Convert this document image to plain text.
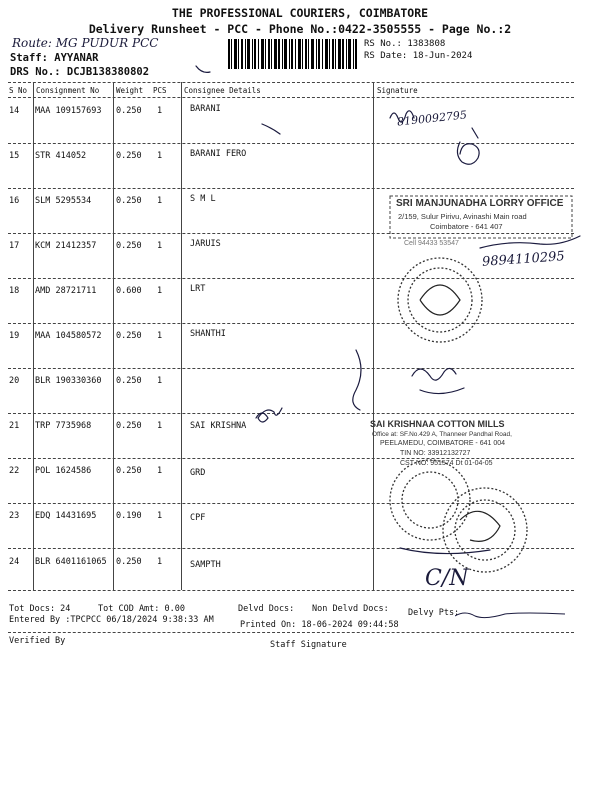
THE PROFESSIONAL COURIERS, COIMBATORE
Delivery Runsheet - PCC - Phone No.:0422-3505555 - Page No.:2
Route: MG PUDUR PCC
Staff: AYYANAR
DRS No.: DCJB138380802
RS No.: 1383808
RS Date: 18-Jun-2024
S No Consignment No Weight PCS Consignee Details	Signature
14 MAA 109157693 0.250 1	BARANI
15 STR 414052	0.250 1	BARANI FERO
16 SLM 5295534	0.250 1	S M L
17 KCM 21412357 0.250 1	JARUIS
18 AMD 28721711 0.600 1	LRT
19 MAA 104580572 0.250 1	SHANTHI
20 BLR 190330360 0.250 1
21 TRP 7735968	0.250 1	SAI KRISHNA
22 POL 1624586	0.250 1	GRD
23 EDQ 14431695 0.190 1	CPF
24 BLR 6401161065 0.250 1	SAMPTH
8190092795
9894110295
C/N
SRI MANJUNADHA LORRY OFFICE
2/159, Sulur Pirivu, Avinashi Main road
Coimbatore - 641 407
Cell 94433 53547
SAI KRISHNAA COTTON MILLS
Office at: SF.No.429 A, Thanneer Pandhal Road,
PEELAMEDU, COIMBATORE - 641 004
TIN NO: 33912132727
CST NO: 951574 Dt 01-04-05
Tot Docs: 24	Tot COD Amt: 0.00	Delvd Docs: Non Delvd Docs: Delvy Pts:
Entered By :TPCPCC 06/18/2024 9:38:33 AM	Printed On: 18-06-2024 09:44:58
Verified By	Staff Signature
